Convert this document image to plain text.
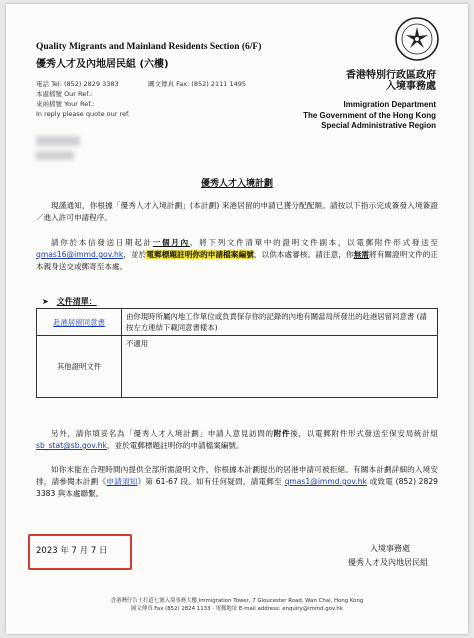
Quality Migrants and Mainland Residents Section (6/F)
優秀人才及內地居民組 (六樓)
電話 Tel: (852) 2829 3383
本處檔號 Our Ref.:
來函檔號 Your Ref.:
In reply please quote our ref.
圖文傳真 Fax: (852) 2111 1495
香港特別行政區政府
入境事務處
Immigration Department
The Government of the Hong Kong
Special Administrative Region
優秀人才入境計劃
現謹通知，你根據「優秀人才入境計劃」(本計劃) 來港居留的申請已獲分配配額。請按以下指示完成簽發入境簽證／進入許可申請程序。
請你於本信發送日期起計一個月內，將下列文件清單中的證明文件副本，以電郵附件形式發送至 qmas16@immd.gov.hk，並於電郵標題註明你的申請檔案編號，以供本處審核。請注意，你無需將有關證明文件的正本親身送交或郵寄至本處。
➤ 文件清單：
赴港居留同意書	由你現時所屬內地工作單位或負責保存你的記錄的內地有關當局所發出的赴港居留同意書 (請按左方連結下載同意書樣本)
其他證明文件	不適用
另外，請你填妥名為「優秀人才入境計劃」申請人意見訪問的附件後，以電郵附件形式發送至保安局統計組 sb_stat@sb.gov.hk，並於電郵標題註明你的申請檔案編號。
如你未能在合理時間內提供全部所需證明文件，你根據本計劃提出的居港申請可被拒絕。有關本計劃詳細的入境安排，請參閱本計劃《申請須知》第 61-67 段。如有任何疑問，請電郵至 qmas1@immd.gov.hk 或致電 (852) 2829 3383 與本處聯繫。
入境事務處
優秀人才及內地居民組
2023 年 7 月 7 日
香港灣仔告士打道七號入境事務大樓 Immigration Tower, 7 Gloucester Road, Wan Chai, Hong Kong
圖文傳真 Fax (852) 2824 1133 · 電郵地址 E-mail address: enquiry@immd.gov.hk
